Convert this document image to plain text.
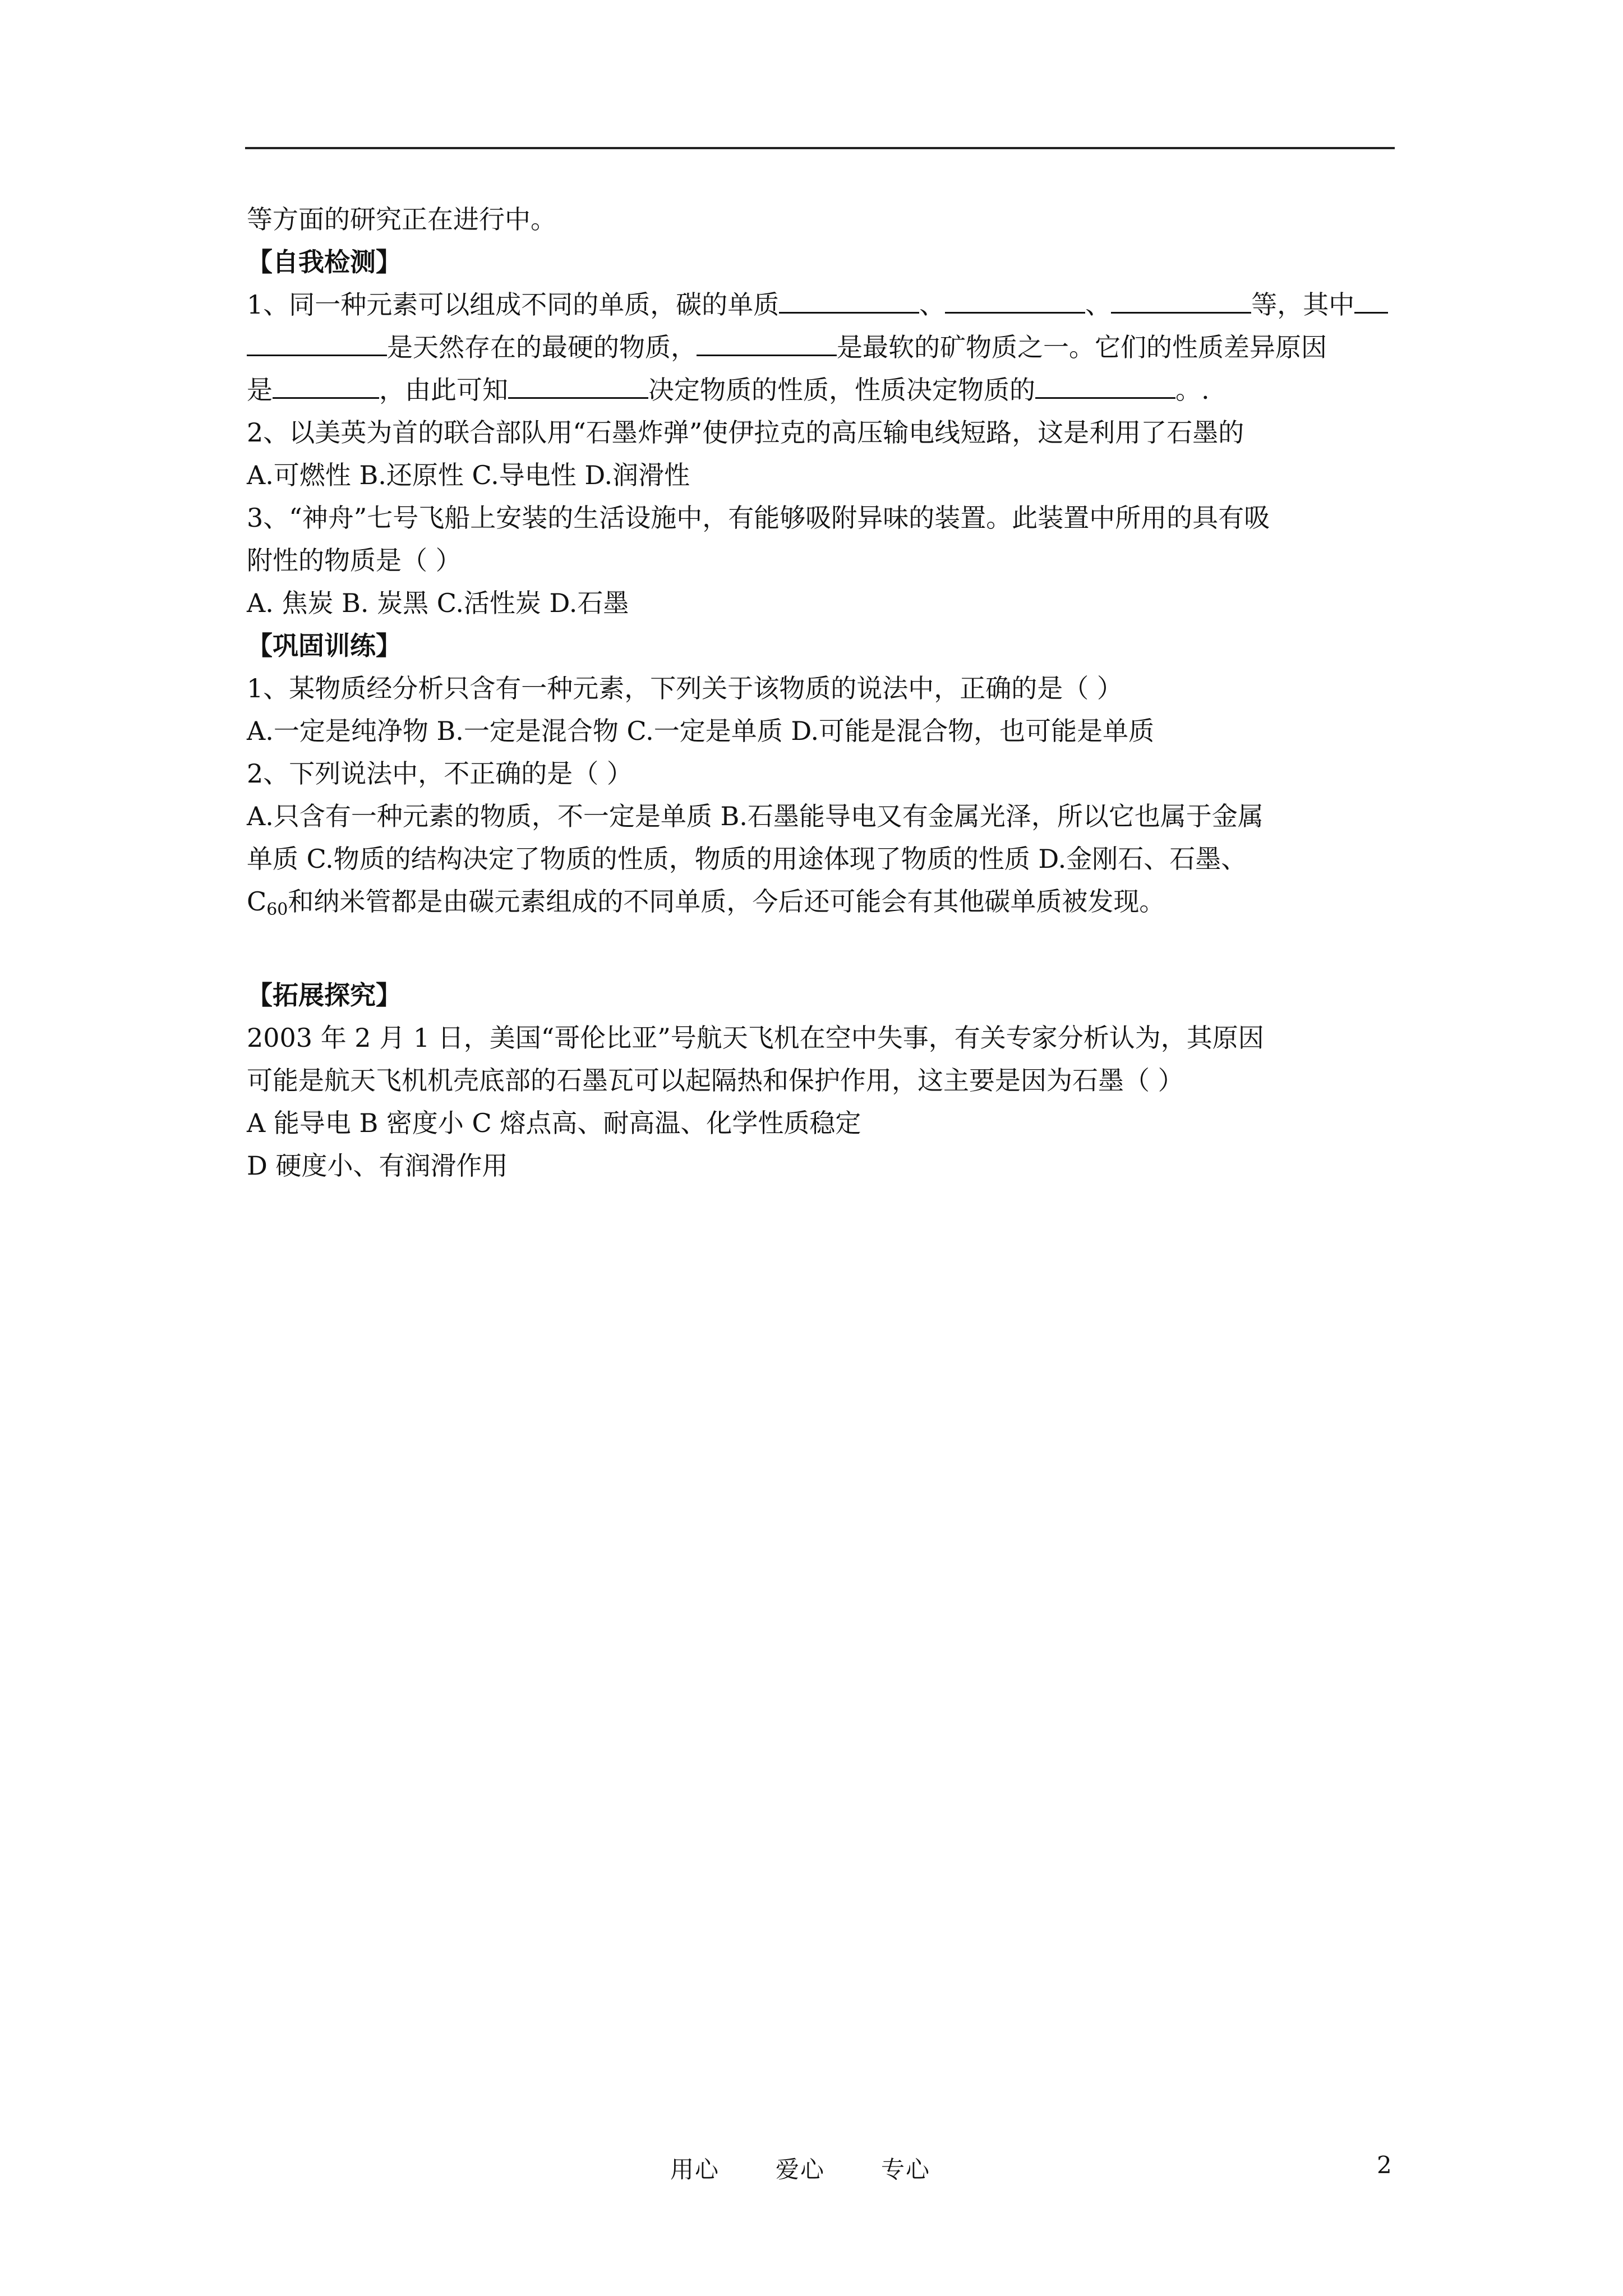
等方面的研究正在进行中。

【自我检测】

1、同一种元素可以组成不同的单质，碳的单质	、	、	等，其中

是天然存在的最硬的物质，	是最软的矿物质之一。它们的性质差异原因

是	，由此可知	决定物质的性质，性质决定物质的	。.

2、以美英为首的联合部队用“石墨炸弹”使伊拉克的高压输电线短路，这是利用了石墨的

A.可燃性 B.还原性 C.导电性 D.润滑性

3、“神舟”七号飞船上安装的生活设施中，有能够吸附异味的装置。此装置中所用的具有吸

附性的物质是（ ）

A. 焦炭 B. 炭黑 C.活性炭 D.石墨

【巩固训练】

1、某物质经分析只含有一种元素，下列关于该物质的说法中，正确的是（ ）

A.一定是纯净物 B.一定是混合物 C.一定是单质 D.可能是混合物，也可能是单质

2、下列说法中，不正确的是（ ）

A.只含有一种元素的物质，不一定是单质 B.石墨能导电又有金属光泽，所以它也属于金属

单质 C.物质的结构决定了物质的性质，物质的用途体现了物质的性质 D.金刚石、石墨、

$C_{60}$和纳米管都是由碳元素组成的不同单质，今后还可能会有其他碳单质被发现。

【拓展探究】

2003 年 2 月 1 日，美国“哥伦比亚”号航天飞机在空中失事，有关专家分析认为，其原因

可能是航天飞机机壳底部的石墨瓦可以起隔热和保护作用，这主要是因为石墨（ ）

A 能导电 B 密度小 C 熔点高、耐高温、化学性质稳定

D 硬度小、有润滑作用

用心 爱心 专心	2
